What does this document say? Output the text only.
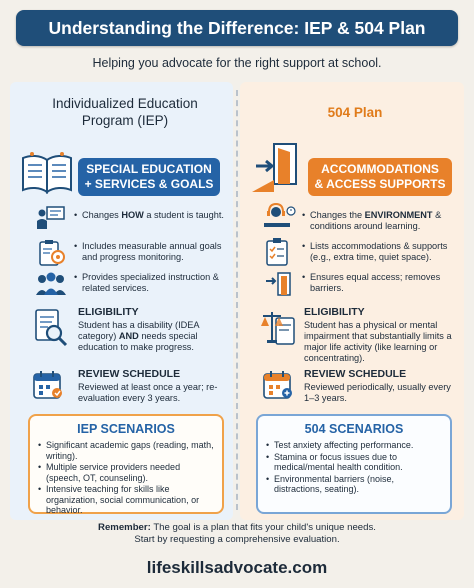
Understanding the Difference: IEP & 504 Plan
Helping you advocate for the right support at school.
Individualized Education
Program (IEP)
504 Plan
SPECIAL EDUCATION
+ SERVICES & GOALS
ACCOMMODATIONS
& ACCESS SUPPORTS
• Changes HOW a student is taught.
• Includes measurable annual goals and progress monitoring.
• Provides specialized instruction & related services.
• Changes the ENVIRONMENT & conditions around learning.
• Lists accommodations & supports (e.g., extra time, quiet space).
• Ensures equal access; removes barriers.
ELIGIBILITY
Student has a disability (IDEA category) AND needs special education to make progress.
ELIGIBILITY
Student has a physical or mental impairment that substantially limits a major life activity (like learning or concentrating).
REVIEW SCHEDULE
Reviewed at least once a year; re-evaluation every 3 years.
REVIEW SCHEDULE
Reviewed periodically, usually every 1–3 years.
IEP SCENARIOS
• Significant academic gaps (reading, math, writing).
• Multiple service providers needed (speech, OT, counseling).
• Intensive teaching for skills like organization, social communication, or behavior.
504 SCENARIOS
• Test anxiety affecting performance.
• Stamina or focus issues due to medical/mental health condition.
• Environmental barriers (noise, distractions, seating).
Remember: The goal is a plan that fits your child's unique needs.
Start by requesting a comprehensive evaluation.
lifeskillsadvocate.com
